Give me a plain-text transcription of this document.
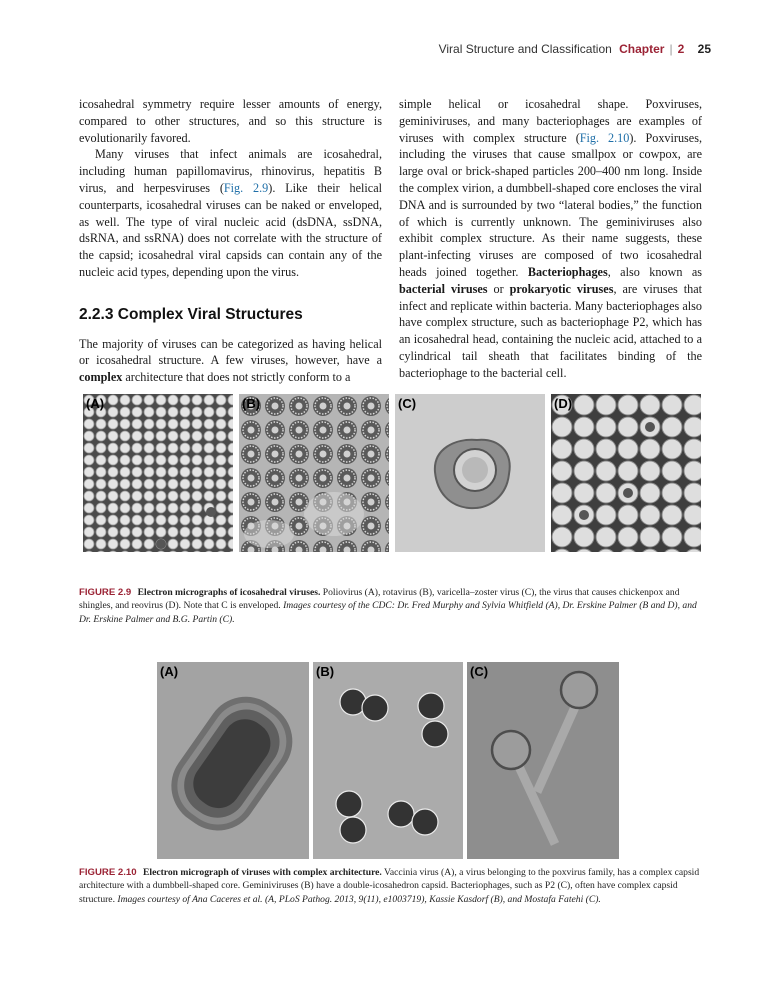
Viral Structure and Classification Chapter | 2 25

icosahedral symmetry require lesser amounts of energy, compared to other structures, and so this structure is evolutionarily favored.

Many viruses that infect animals are icosahedral, including human papillomavirus, rhinovirus, hepatitis B virus, and herpesviruses (Fig. 2.9). Like their helical counterparts, icosahedral viruses can be naked or enveloped, as well. The type of viral nucleic acid (dsDNA, ssDNA, dsRNA, and ssRNA) does not correlate with the structure of the capsid; icosahedral viral capsids can contain any of the nucleic acid types, depending upon the virus.

2.2.3 Complex Viral Structures

The majority of viruses can be categorized as having helical or icosahedral structure. A few viruses, however, have a complex architecture that does not strictly conform to a

simple helical or icosahedral shape. Poxviruses, geminiviruses, and many bacteriophages are examples of viruses with complex structure (Fig. 2.10). Poxviruses, including the viruses that cause smallpox or cowpox, are large oval or brick-shaped particles 200–400 nm long. Inside the complex virion, a dumbbell-shaped core encloses the viral DNA and is surrounded by two “lateral bodies,” the function of which is currently unknown. The geminiviruses also exhibit complex structure. As their name suggests, these plant-infecting viruses are composed of two icosahedral heads joined together. Bacteriophages, also known as bacterial viruses or prokaryotic viruses, are viruses that infect and replicate within bacteria. Many bacteriophages also have complex structure, such as bacteriophage P2, which has an icosahedral head, containing the nucleic acid, attached to a cylindrical tail sheath that facilitates binding of the bacteriophage to the bacterial cell.

(A)	(B)	(C)	(D)
FIGURE 2.9 Electron micrographs of icosahedral viruses. Poliovirus (A), rotavirus (B), varicella–zoster virus (C), the virus that causes chickenpox and shingles, and reovirus (D). Note that C is enveloped. Images courtesy of the CDC: Dr. Fred Murphy and Sylvia Whitfield (A), Dr. Erskine Palmer (B and D), and Dr. Erskine Palmer and B.G. Partin (C).
(A)	(B)	(C)
FIGURE 2.10 Electron micrograph of viruses with complex architecture. Vaccinia virus (A), a virus belonging to the poxvirus family, has a complex capsid architecture with a dumbbell-shaped core. Geminiviruses (B) have a double-icosahedron capsid. Bacteriophages, such as P2 (C), often have complex capsid structure. Images courtesy of Ana Caceres et al. (A, PLoS Pathog. 2013, 9(11), e1003719), Kassie Kasdorf (B), and Mostafa Fatehi (C).
